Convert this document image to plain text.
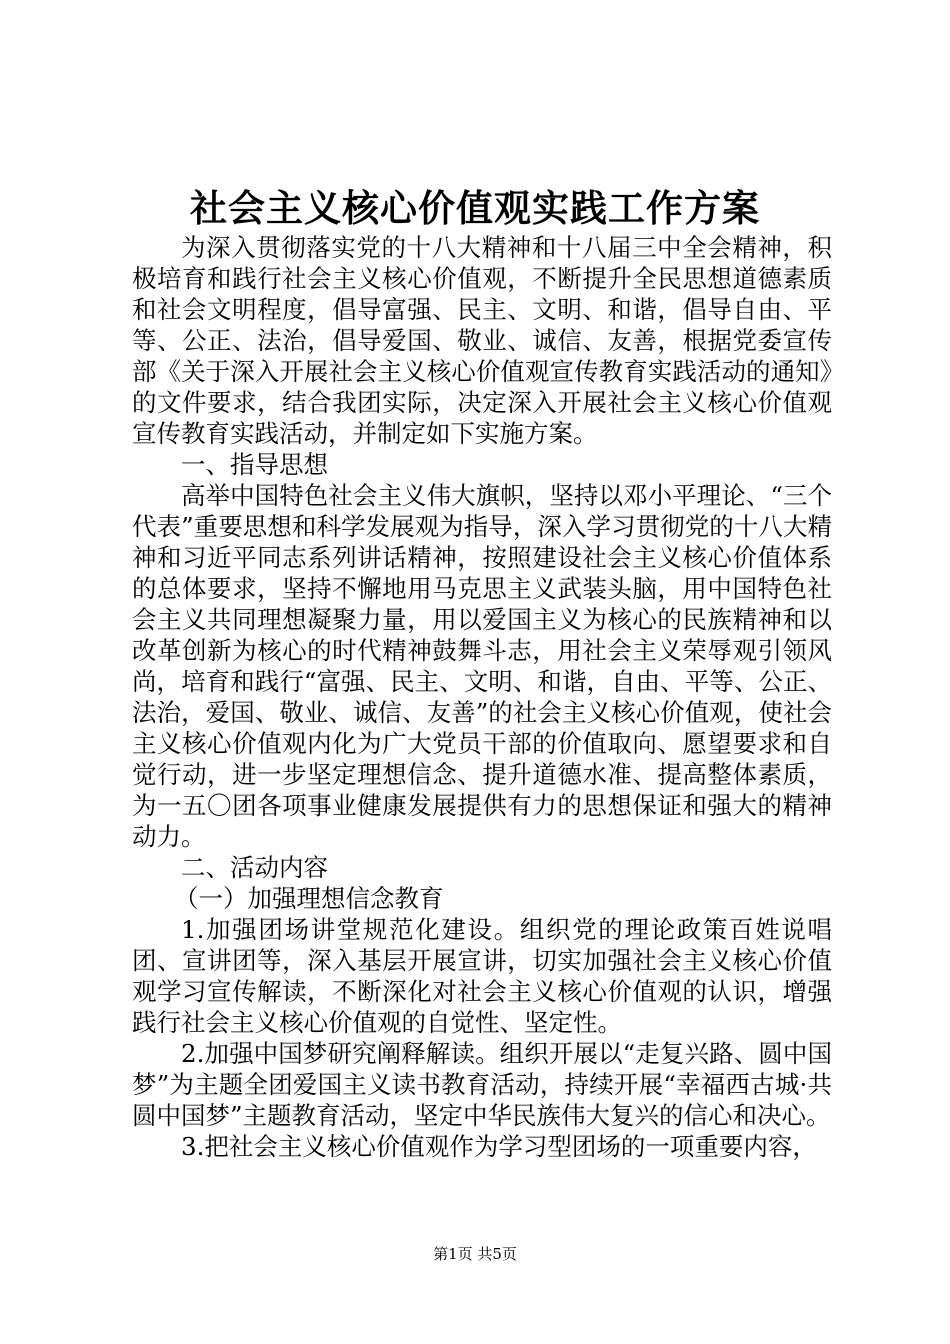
社会主义核心价值观实践工作方案

为深入贯彻落实党的十八大精神和十八届三中全会精神，积极培育和践行社会主义核心价值观，不断提升全民思想道德素质和社会文明程度，倡导富强、民主、文明、和谐，倡导自由、平等、公正、法治，倡导爱国、敬业、诚信、友善，根据党委宣传部《关于深入开展社会主义核心价值观宣传教育实践活动的通知》的文件要求，结合我团实际，决定深入开展社会主义核心价值观宣传教育实践活动，并制定如下实施方案。

一、指导思想

高举中国特色社会主义伟大旗帜，坚持以邓小平理论、“三个代表”重要思想和科学发展观为指导，深入学习贯彻党的十八大精神和习近平同志系列讲话精神，按照建设社会主义核心价值体系的总体要求，坚持不懈地用马克思主义武装头脑，用中国特色社会主义共同理想凝聚力量，用以爱国主义为核心的民族精神和以改革创新为核心的时代精神鼓舞斗志，用社会主义荣辱观引领风尚，培育和践行“富强、民主、文明、和谐，自由、平等、公正、法治，爱国、敬业、诚信、友善”的社会主义核心价值观，使社会主义核心价值观内化为广大党员干部的价值取向、愿望要求和自觉行动，进一步坚定理想信念、提升道德水准、提高整体素质，为一五〇团各项事业健康发展提供有力的思想保证和强大的精神动力。

二、活动内容

（一）加强理想信念教育

1.加强团场讲堂规范化建设。组织党的理论政策百姓说唱团、宣讲团等，深入基层开展宣讲，切实加强社会主义核心价值观学习宣传解读，不断深化对社会主义核心价值观的认识，增强践行社会主义核心价值观的自觉性、坚定性。

2.加强中国梦研究阐释解读。组织开展以“走复兴路、圆中国梦”为主题全团爱国主义读书教育活动，持续开展“幸福西古城·共圆中国梦”主题教育活动，坚定中华民族伟大复兴的信心和决心。

3.把社会主义核心价值观作为学习型团场的一项重要内容，

第1页 共5页
